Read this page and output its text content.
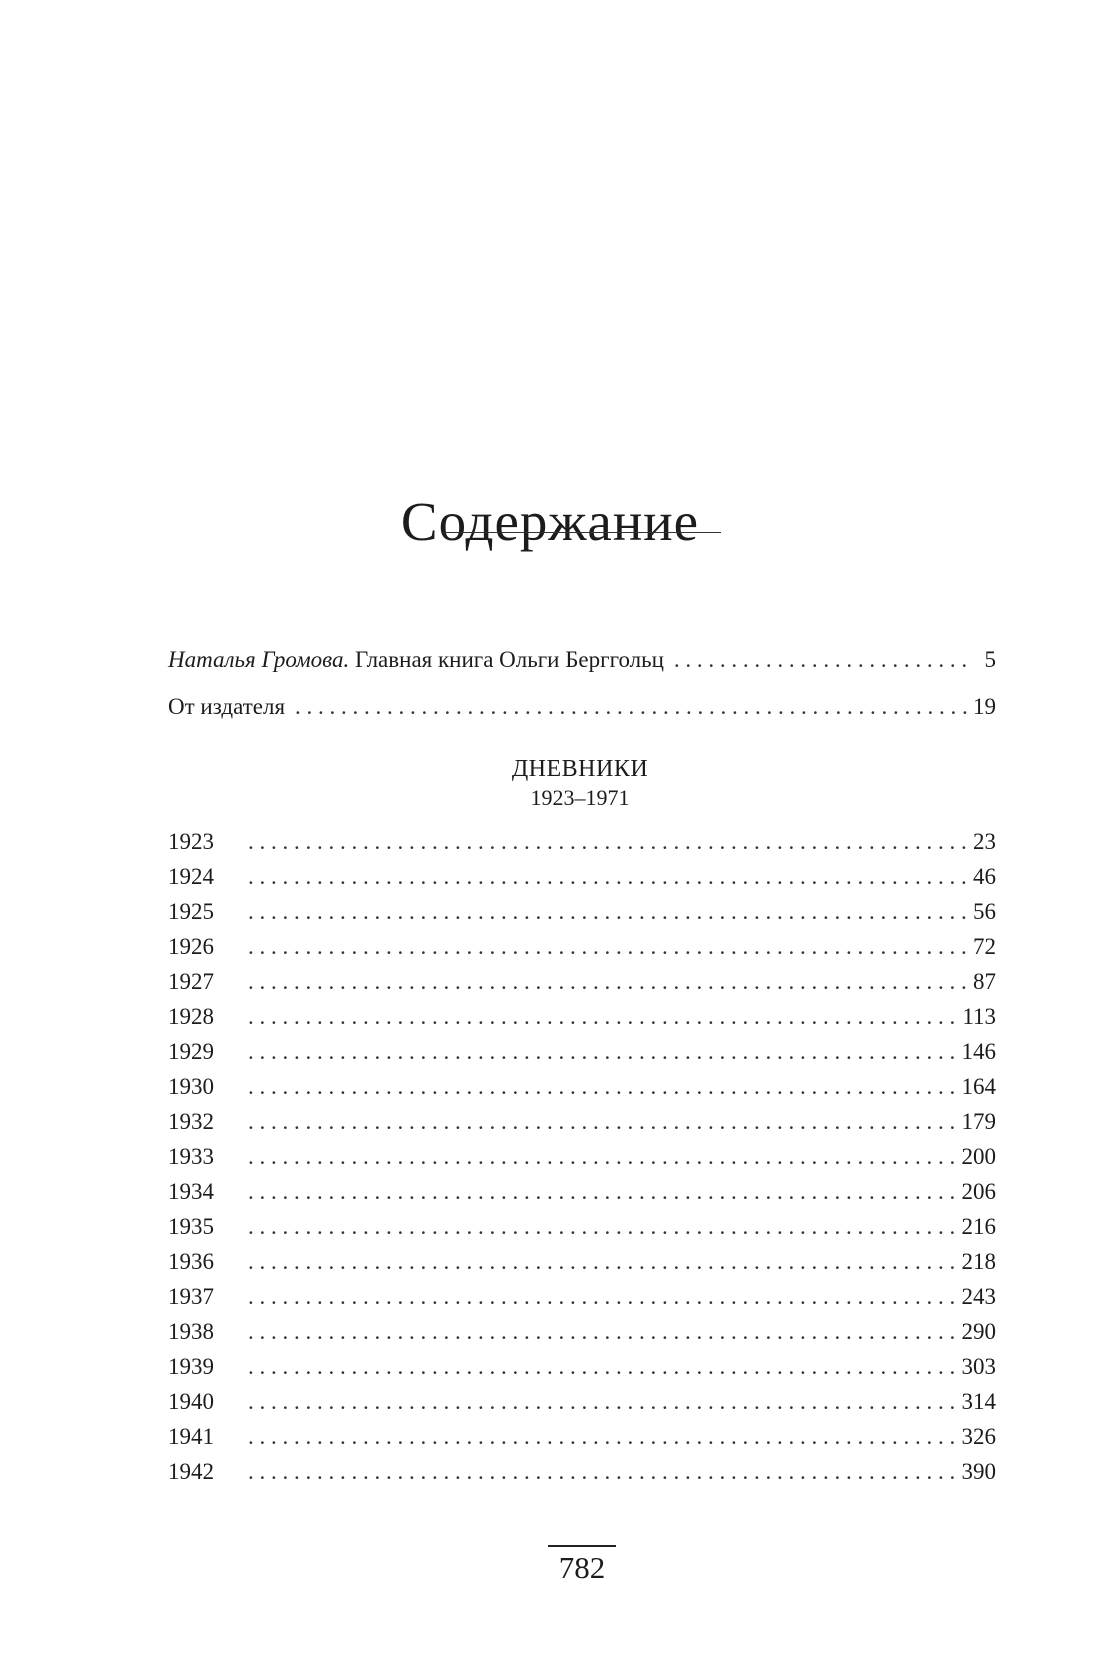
Содержание
Наталья Громова. Главная книга Ольги Берггольц . . .	5
От издателя . . .	19
ДНЕВНИКИ
1923–1971
1923 . . .	23
1924 . . .	46
1925 . . .	56
1926 . . .	72
1927 . . .	87
1928 . . .	113
1929 . . .	146
1930 . . .	164
1932 . . .	179
1933 . . .	200
1934 . . .	206
1935 . . .	216
1936 . . .	218
1937 . . .	243
1938 . . .	290
1939 . . .	303
1940 . . .	314
1941 . . .	326
1942 . . .	390
782
